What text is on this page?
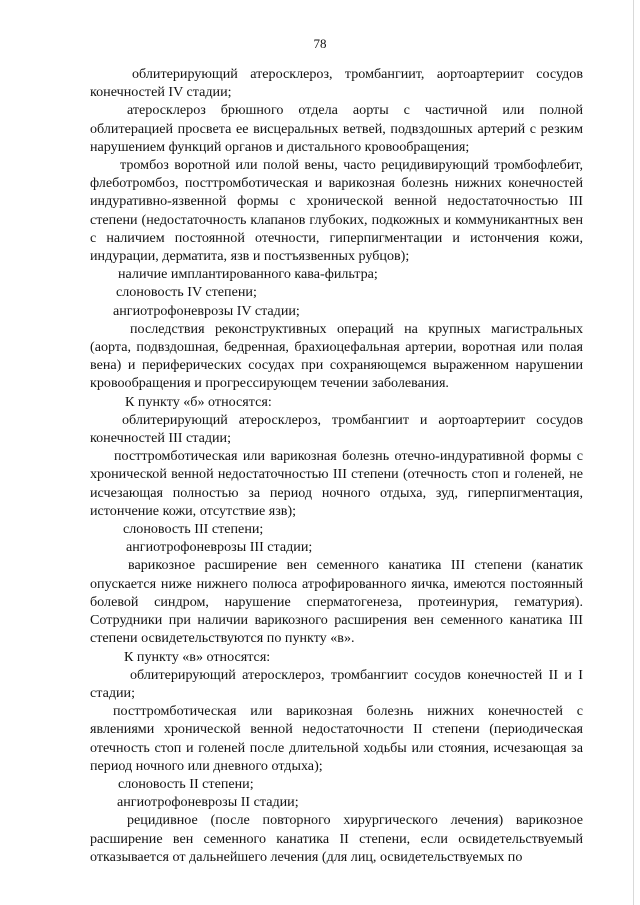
78

облитерирующий атеросклероз, тромбангиит, аортоартериит сосудов конечностей IV стадии;

атеросклероз брюшного отдела аорты с частичной или полной облитерацией просвета ее висцеральных ветвей, подвздошных артерий с резким нарушением функций органов и дистального кровообращения;

тромбоз воротной или полой вены, часто рецидивирующий тромбофлебит, флеботромбоз, посттромботическая и варикозная болезнь нижних конечностей индуративно-язвенной формы с хронической венной недостаточностью III степени (недостаточность клапанов глубоких, подкожных и коммуникантных вен с наличием постоянной отечности, гиперпигментации и истончения кожи, индурации, дерматита, язв и постъязвенных рубцов);

наличие имплантированного кава-фильтра;

слоновость IV степени;

ангиотрофоневрозы IV стадии;

последствия реконструктивных операций на крупных магистральных (аорта, подвздошная, бедренная, брахиоцефальная артерии, воротная или полая вена) и периферических сосудах при сохраняющемся выраженном нарушении кровообращения и прогрессирующем течении заболевания.

К пункту «б» относятся:

облитерирующий атеросклероз, тромбангиит и аортоартериит сосудов конечностей III стадии;

посттромботическая или варикозная болезнь отечно-индуративной формы с хронической венной недостаточностью III степени (отечность стоп и голеней, не исчезающая полностью за период ночного отдыха, зуд, гиперпигментация, истончение кожи, отсутствие язв);

слоновость III степени;

ангиотрофоневрозы III стадии;

варикозное расширение вен семенного канатика III степени (канатик опускается ниже нижнего полюса атрофированного яичка, имеются постоянный болевой синдром, нарушение сперматогенеза, протеинурия, гематурия). Сотрудники при наличии варикозного расширения вен семенного канатика III степени освидетельствуются по пункту «в».

К пункту «в» относятся:

облитерирующий атеросклероз, тромбангиит сосудов конечностей II и I стадии;

посттромботическая или варикозная болезнь нижних конечностей с явлениями хронической венной недостаточности II степени (периодическая отечность стоп и голеней после длительной ходьбы или стояния, исчезающая за период ночного или дневного отдыха);

слоновость II степени;

ангиотрофоневрозы II стадии;

рецидивное (после повторного хирургического лечения) варикозное расширение вен семенного канатика II степени, если освидетельствуемый отказывается от дальнейшего лечения (для лиц, освидетельствуемых по
